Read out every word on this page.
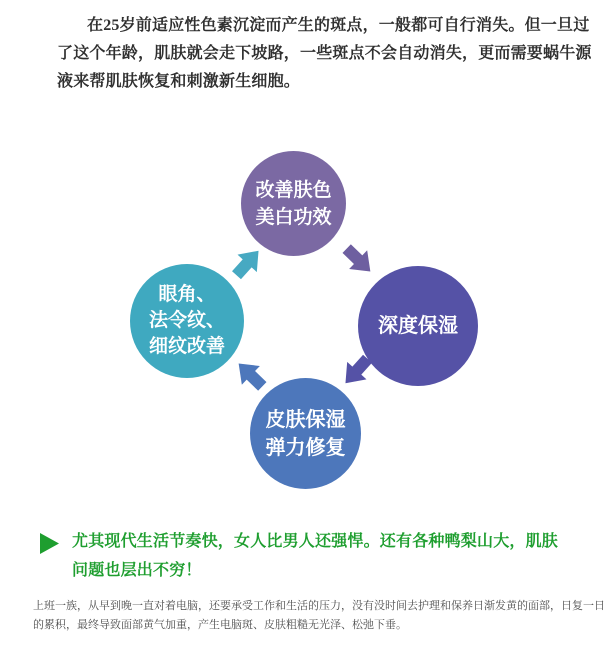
在25岁前适应性色素沉淀而产生的斑点，一般都可自行消失。但一旦过
了这个年龄，肌肤就会走下坡路，一些斑点不会自动消失，更而需要蜗牛源
液来帮肌肤恢复和刺激新生细胞。
改善肤色
美白功效
深度保湿
皮肤保湿
弹力修复
眼角、
法令纹、
细纹改善
尤其现代生活节奏快，女人比男人还强悍。还有各种鸭梨山大，肌肤
问题也层出不穷！
上班一族，从早到晚一直对着电脑，还要承受工作和生活的压力，没有没时间去护理和保养日渐发黄的面部，日复一日
的累积，最终导致面部黄气加重，产生电脑斑、皮肤粗糙无光泽、松弛下垂。
